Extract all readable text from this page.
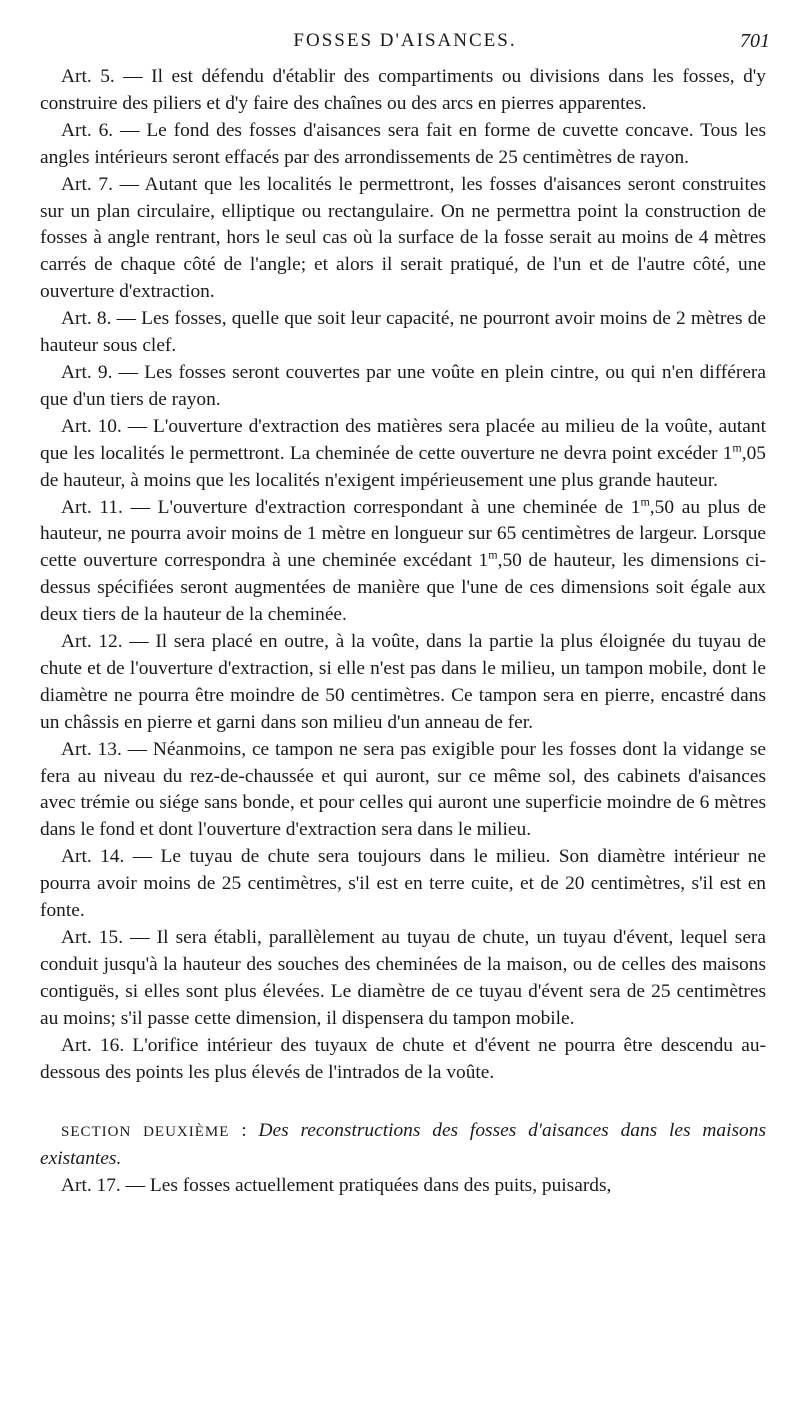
FOSSES D'AISANCES.	701

Art. 5. — Il est défendu d'établir des compartiments ou divisions dans les fosses, d'y construire des piliers et d'y faire des chaînes ou des arcs en pierres apparentes.

Art. 6. — Le fond des fosses d'aisances sera fait en forme de cuvette concave. Tous les angles intérieurs seront effacés par des arrondissements de 25 centimètres de rayon.

Art. 7. — Autant que les localités le permettront, les fosses d'aisances seront construites sur un plan circulaire, elliptique ou rectangulaire. On ne permettra point la construction de fosses à angle rentrant, hors le seul cas où la surface de la fosse serait au moins de 4 mètres carrés de chaque côté de l'angle; et alors il serait pratiqué, de l'un et de l'autre côté, une ouverture d'extraction.

Art. 8. — Les fosses, quelle que soit leur capacité, ne pourront avoir moins de 2 mètres de hauteur sous clef.

Art. 9. — Les fosses seront couvertes par une voûte en plein cintre, ou qui n'en différera que d'un tiers de rayon.

Art. 10. — L'ouverture d'extraction des matières sera placée au milieu de la voûte, autant que les localités le permettront. La cheminée de cette ouverture ne devra point excéder 1$^m$,05 de hauteur, à moins que les localités n'exigent impérieusement une plus grande hauteur.

Art. 11. — L'ouverture d'extraction correspondant à une cheminée de 1$^m$,50 au plus de hauteur, ne pourra avoir moins de 1 mètre en longueur sur 65 centimètres de largeur. Lorsque cette ouverture correspondra à une cheminée excédant 1$^m$,50 de hauteur, les dimensions ci-dessus spécifiées seront augmentées de manière que l'une de ces dimensions soit égale aux deux tiers de la hauteur de la cheminée.

Art. 12. — Il sera placé en outre, à la voûte, dans la partie la plus éloignée du tuyau de chute et de l'ouverture d'extraction, si elle n'est pas dans le milieu, un tampon mobile, dont le diamètre ne pourra être moindre de 50 centimètres. Ce tampon sera en pierre, encastré dans un châssis en pierre et garni dans son milieu d'un anneau de fer.

Art. 13. — Néanmoins, ce tampon ne sera pas exigible pour les fosses dont la vidange se fera au niveau du rez-de-chaussée et qui auront, sur ce même sol, des cabinets d'aisances avec trémie ou siége sans bonde, et pour celles qui auront une superficie moindre de 6 mètres dans le fond et dont l'ouverture d'extraction sera dans le milieu.

Art. 14. — Le tuyau de chute sera toujours dans le milieu. Son diamètre intérieur ne pourra avoir moins de 25 centimètres, s'il est en terre cuite, et de 20 centimètres, s'il est en fonte.

Art. 15. — Il sera établi, parallèlement au tuyau de chute, un tuyau d'évent, lequel sera conduit jusqu'à la hauteur des souches des cheminées de la maison, ou de celles des maisons contiguës, si elles sont plus élevées. Le diamètre de ce tuyau d'évent sera de 25 centimètres au moins; s'il passe cette dimension, il dispensera du tampon mobile.

Art. 16. L'orifice intérieur des tuyaux de chute et d'évent ne pourra être descendu au-dessous des points les plus élevés de l'intrados de la voûte.

SECTION DEUXIÈME : Des reconstructions des fosses d'aisances dans les maisons existantes.

Art. 17. — Les fosses actuellement pratiquées dans des puits, puisards,
